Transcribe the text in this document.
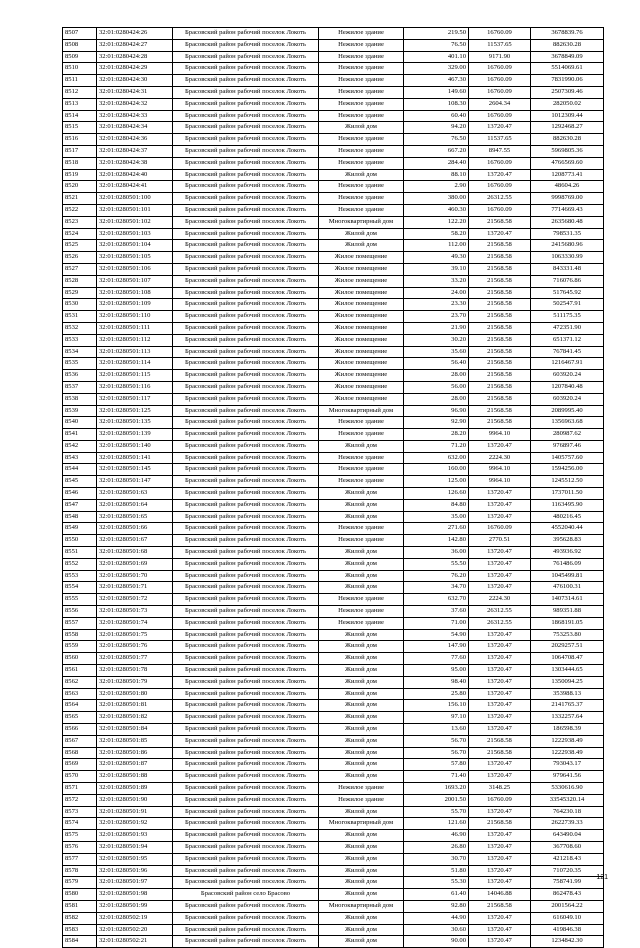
8507	32:01:0280424:26	Брасовский район рабочий поселок Локоть	Нежилое здание	219.50	16760.09	3678839.76
8508	32:01:0280424:27	Брасовский район рабочий поселок Локоть	Нежилое здание	76.50	11537.65	882630.28
8509	32:01:0280424:28	Брасовский район рабочий поселок Локоть	Нежилое здание	401.10	9171.90	3678849.09
8510	32:01:0280424:29	Брасовский район рабочий поселок Локоть	Нежилое здание	329.00	16760.09	5514069.61
8511	32:01:0280424:30	Брасовский район рабочий поселок Локоть	Нежилое здание	467.30	16760.09	7831990.06
8512	32:01:0280424:31	Брасовский район рабочий поселок Локоть	Нежилое здание	149.60	16760.09	2507309.46
8513	32:01:0280424:32	Брасовский район рабочий поселок Локоть	Нежилое здание	108.30	2604.34	282050.02
8514	32:01:0280424:33	Брасовский район рабочий поселок Локоть	Нежилое здание	60.40	16760.09	1012309.44
8515	32:01:0280424:34	Брасовский район рабочий поселок Локоть	Жилой дом	94.20	13720.47	1292468.27
8516	32:01:0280424:36	Брасовский район рабочий поселок Локоть	Нежилое здание	76.50	11537.65	882630.28
8517	32:01:0280424:37	Брасовский район рабочий поселок Локоть	Нежилое здание	667.20	8947.55	5969805.36
8518	32:01:0280424:38	Брасовский район рабочий поселок Локоть	Нежилое здание	284.40	16760.09	4766569.60
8519	32:01:0280424:40	Брасовский район рабочий поселок Локоть	Жилой дом	88.10	13720.47	1208773.41
8520	32:01:0280424:41	Брасовский район рабочий поселок Локоть	Нежилое здание	2.90	16760.09	48604.26
8521	32:01:0280501:100	Брасовский район рабочий поселок Локоть	Нежилое здание	380.00	26312.55	9998769.00
8522	32:01:0280501:101	Брасовский район рабочий поселок Локоть	Нежилое здание	460.30	16760.09	7714669.43
8523	32:01:0280501:102	Брасовский район рабочий поселок Локоть	Многоквартирный дом	122.20	21568.58	2635680.48
8524	32:01:0280501:103	Брасовский район рабочий поселок Локоть	Жилой дом	58.20	13720.47	798531.35
8525	32:01:0280501:104	Брасовский район рабочий поселок Локоть	Жилой дом	112.00	21568.58	2415680.96
8526	32:01:0280501:105	Брасовский район рабочий поселок Локоть	Жилое помещение	49.30	21568.58	1063330.99
8527	32:01:0280501:106	Брасовский район рабочий поселок Локоть	Жилое помещение	39.10	21568.58	843331.48
8528	32:01:0280501:107	Брасовский район рабочий поселок Локоть	Жилое помещение	33.20	21568.58	716076.86
8529	32:01:0280501:108	Брасовский район рабочий поселок Локоть	Жилое помещение	24.00	21568.58	517645.92
8530	32:01:0280501:109	Брасовский район рабочий поселок Локоть	Жилое помещение	23.30	21568.58	502547.91
8531	32:01:0280501:110	Брасовский район рабочий поселок Локоть	Жилое помещение	23.70	21568.58	511175.35
8532	32:01:0280501:111	Брасовский район рабочий поселок Локоть	Жилое помещение	21.90	21568.58	472351.90
8533	32:01:0280501:112	Брасовский район рабочий поселок Локоть	Жилое помещение	30.20	21568.58	651371.12
8534	32:01:0280501:113	Брасовский район рабочий поселок Локоть	Жилое помещение	35.60	21568.58	767841.45
8535	32:01:0280501:114	Брасовский район рабочий поселок Локоть	Жилое помещение	56.40	21568.58	1216467.91
8536	32:01:0280501:115	Брасовский район рабочий поселок Локоть	Жилое помещение	28.00	21568.58	603920.24
8537	32:01:0280501:116	Брасовский район рабочий поселок Локоть	Жилое помещение	56.00	21568.58	1207840.48
8538	32:01:0280501:117	Брасовский район рабочий поселок Локоть	Жилое помещение	28.00	21568.58	603920.24
8539	32:01:0280501:125	Брасовский район рабочий поселок Локоть	Многоквартирный дом	96.90	21568.58	2089995.40
8540	32:01:0280501:135	Брасовский район рабочий поселок Локоть	Нежилое здание	92.90	21568.58	1356963.68
8541	32:01:0280501:139	Брасовский район рабочий поселок Локоть	Нежилое здание	28.20	9964.10	280987.62
8542	32:01:0280501:140	Брасовский район рабочий поселок Локоть	Жилой дом	71.20	13720.47	976897.46
8543	32:01:0280501:141	Брасовский район рабочий поселок Локоть	Нежилое здание	632.00	2224.30	1405757.60
8544	32:01:0280501:145	Брасовский район рабочий поселок Локоть	Нежилое здание	160.00	9964.10	1594256.00
8545	32:01:0280501:147	Брасовский район рабочий поселок Локоть	Нежилое здание	125.00	9964.10	1245512.50
8546	32:01:0280501:63	Брасовский район рабочий поселок Локоть	Жилой дом	126.60	13720.47	1737011.50
8547	32:01:0280501:64	Брасовский район рабочий поселок Локоть	Жилой дом	84.80	13720.47	1163495.90
8548	32:01:0280501:65	Брасовский район рабочий поселок Локоть	Жилой дом	35.00	13720.47	480216.45
8549	32:01:0280501:66	Брасовский район рабочий поселок Локоть	Нежилое здание	271.60	16760.09	4552040.44
8550	32:01:0280501:67	Брасовский район рабочий поселок Локоть	Нежилое здание	142.80	2770.51	395628.83
8551	32:01:0280501:68	Брасовский район рабочий поселок Локоть	Жилой дом	36.00	13720.47	493936.92
8552	32:01:0280501:69	Брасовский район рабочий поселок Локоть	Жилой дом	55.50	13720.47	761486.09
8553	32:01:0280501:70	Брасовский район рабочий поселок Локоть	Жилой дом	76.20	13720.47	1045499.81
8554	32:01:0280501:71	Брасовский район рабочий поселок Локоть	Жилой дом	34.70	13720.47	476100.31
8555	32:01:0280501:72	Брасовский район рабочий поселок Локоть	Нежилое здание	632.70	2224.30	1407314.61
8556	32:01:0280501:73	Брасовский район рабочий поселок Локоть	Нежилое здание	37.60	26312.55	989351.88
8557	32:01:0280501:74	Брасовский район рабочий поселок Локоть	Нежилое здание	71.00	26312.55	1868191.05
8558	32:01:0280501:75	Брасовский район рабочий поселок Локоть	Жилой дом	54.90	13720.47	753253.80
8559	32:01:0280501:76	Брасовский район рабочий поселок Локоть	Жилой дом	147.90	13720.47	2029257.51
8560	32:01:0280501:77	Брасовский район рабочий поселок Локоть	Жилой дом	77.60	13720.47	1064708.47
8561	32:01:0280501:78	Брасовский район рабочий поселок Локоть	Жилой дом	95.00	13720.47	1303444.65
8562	32:01:0280501:79	Брасовский район рабочий поселок Локоть	Жилой дом	98.40	13720.47	1350094.25
8563	32:01:0280501:80	Брасовский район рабочий поселок Локоть	Жилой дом	25.80	13720.47	353988.13
8564	32:01:0280501:81	Брасовский район рабочий поселок Локоть	Жилой дом	156.10	13720.47	2141765.37
8565	32:01:0280501:82	Брасовский район рабочий поселок Локоть	Жилой дом	97.10	13720.47	1332257.64
8566	32:01:0280501:84	Брасовский район рабочий поселок Локоть	Жилой дом	13.60	13720.47	186598.39
8567	32:01:0280501:85	Брасовский район рабочий поселок Локоть	Жилой дом	56.70	21568.58	1222938.49
8568	32:01:0280501:86	Брасовский район рабочий поселок Локоть	Жилой дом	56.70	21568.58	1222938.49
8569	32:01:0280501:87	Брасовский район рабочий поселок Локоть	Жилой дом	57.80	13720.47	793043.17
8570	32:01:0280501:88	Брасовский район рабочий поселок Локоть	Жилой дом	71.40	13720.47	979641.56
8571	32:01:0280501:89	Брасовский район рабочий поселок Локоть	Нежилое здание	1693.20	3148.25	5330616.90
8572	32:01:0280501:90	Брасовский район рабочий поселок Локоть	Нежилое здание	2001.50	16760.09	33545320.14
8573	32:01:0280501:91	Брасовский район рабочий поселок Локоть	Жилой дом	55.70	13720.47	764230.18
8574	32:01:0280501:92	Брасовский район рабочий поселок Локоть	Многоквартирный дом	121.60	21568.58	2622739.33
8575	32:01:0280501:93	Брасовский район рабочий поселок Локоть	Жилой дом	46.90	13720.47	643490.04
8576	32:01:0280501:94	Брасовский район рабочий поселок Локоть	Жилой дом	26.80	13720.47	367708.60
8577	32:01:0280501:95	Брасовский район рабочий поселок Локоть	Жилой дом	30.70	13720.47	421218.43
8578	32:01:0280501:96	Брасовский район рабочий поселок Локоть	Жилой дом	51.80	13720.47	710720.35
8579	32:01:0280501:97	Брасовский район рабочий поселок Локоть	Жилой дом	55.30	13720.47	758741.99
8580	32:01:0280501:98	Брасовский район село Брасово	Жилой дом	61.40	14046.88	862478.43
8581	32:01:0280501:99	Брасовский район рабочий поселок Локоть	Многоквартирный дом	92.80	21568.58	2001564.22
8582	32:01:0280502:19	Брасовский район рабочий поселок Локоть	Жилой дом	44.90	13720.47	616049.10
8583	32:01:0280502:20	Брасовский район рабочий поселок Локоть	Жилой дом	30.60	13720.47	419846.38
8584	32:01:0280502:21	Брасовский район рабочий поселок Локоть	Жилой дом	90.00	13720.47	1234842.30
121
